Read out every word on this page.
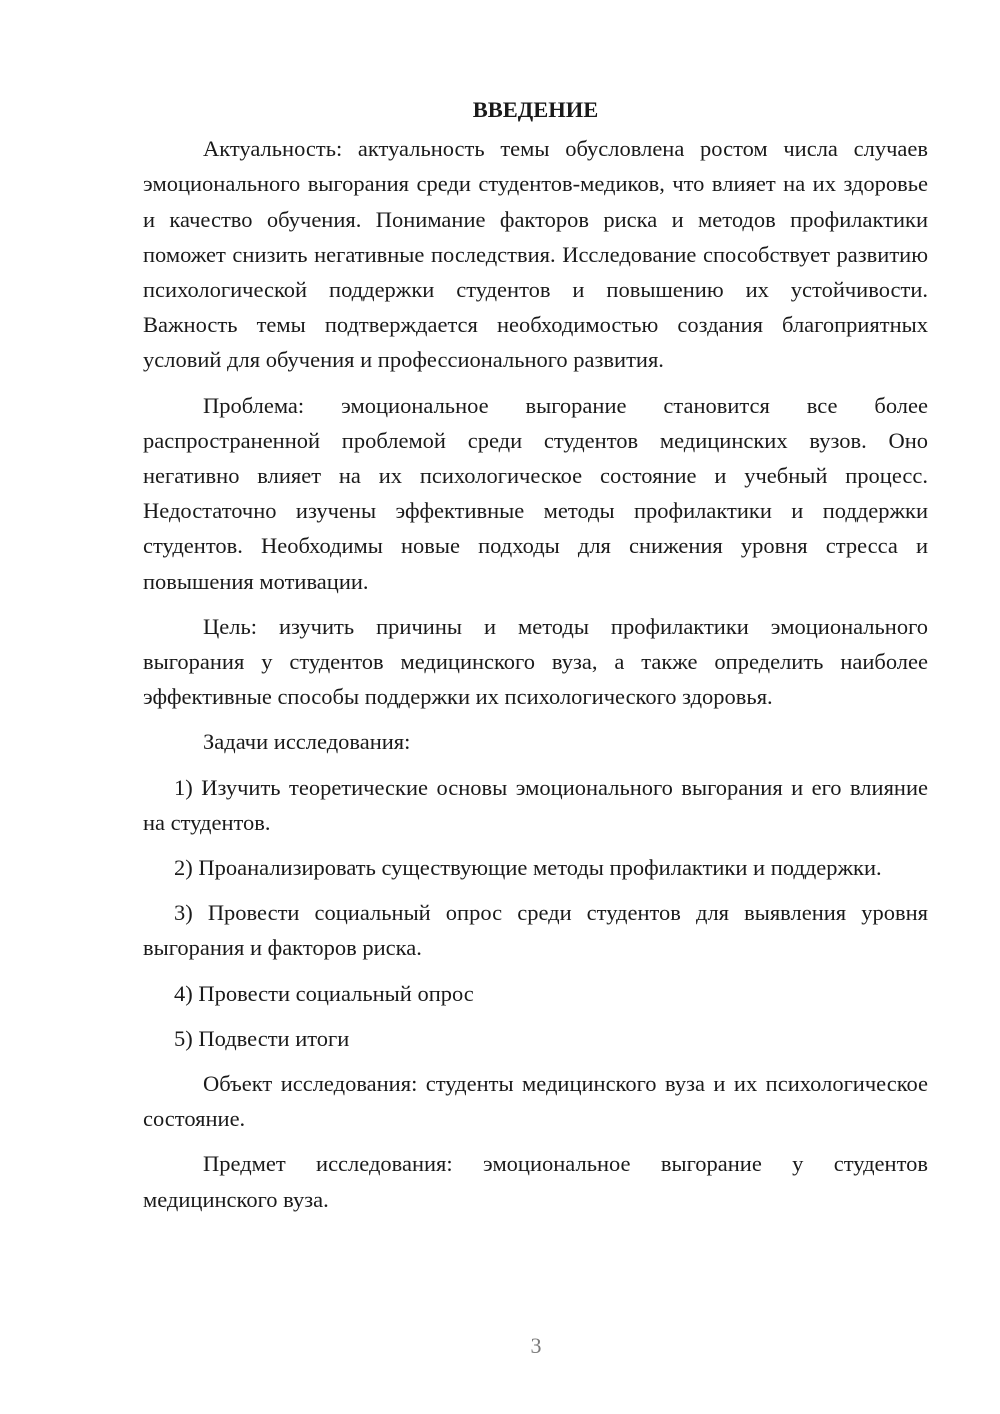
ВВЕДЕНИЕ

Актуальность: актуальность темы обусловлена ростом числа случаев эмоционального выгорания среди студентов-медиков, что влияет на их здоровье и качество обучения. Понимание факторов риска и методов профилактики поможет снизить негативные последствия. Исследование способствует развитию психологической поддержки студентов и повышению их устойчивости. Важность темы подтверждается необходимостью создания благоприятных условий для обучения и профессионального развития.

Проблема: эмоциональное выгорание становится все более распространенной проблемой среди студентов медицинских вузов. Оно негативно влияет на их психологическое состояние и учебный процесс. Недостаточно изучены эффективные методы профилактики и поддержки студентов. Необходимы новые подходы для снижения уровня стресса и повышения мотивации.

Цель: изучить причины и методы профилактики эмоционального выгорания у студентов медицинского вуза, а также определить наиболее эффективные способы поддержки их психологического здоровья.

Задачи исследования:

1) Изучить теоретические основы эмоционального выгорания и его влияние на студентов.

2) Проанализировать существующие методы профилактики и поддержки.

3) Провести социальный опрос среди студентов для выявления уровня выгорания и факторов риска.

4) Провести социальный опрос

5) Подвести итоги

Объект исследования: студенты медицинского вуза и их психологическое состояние.

Предмет исследования: эмоциональное выгорание у студентов медицинского вуза.

3
